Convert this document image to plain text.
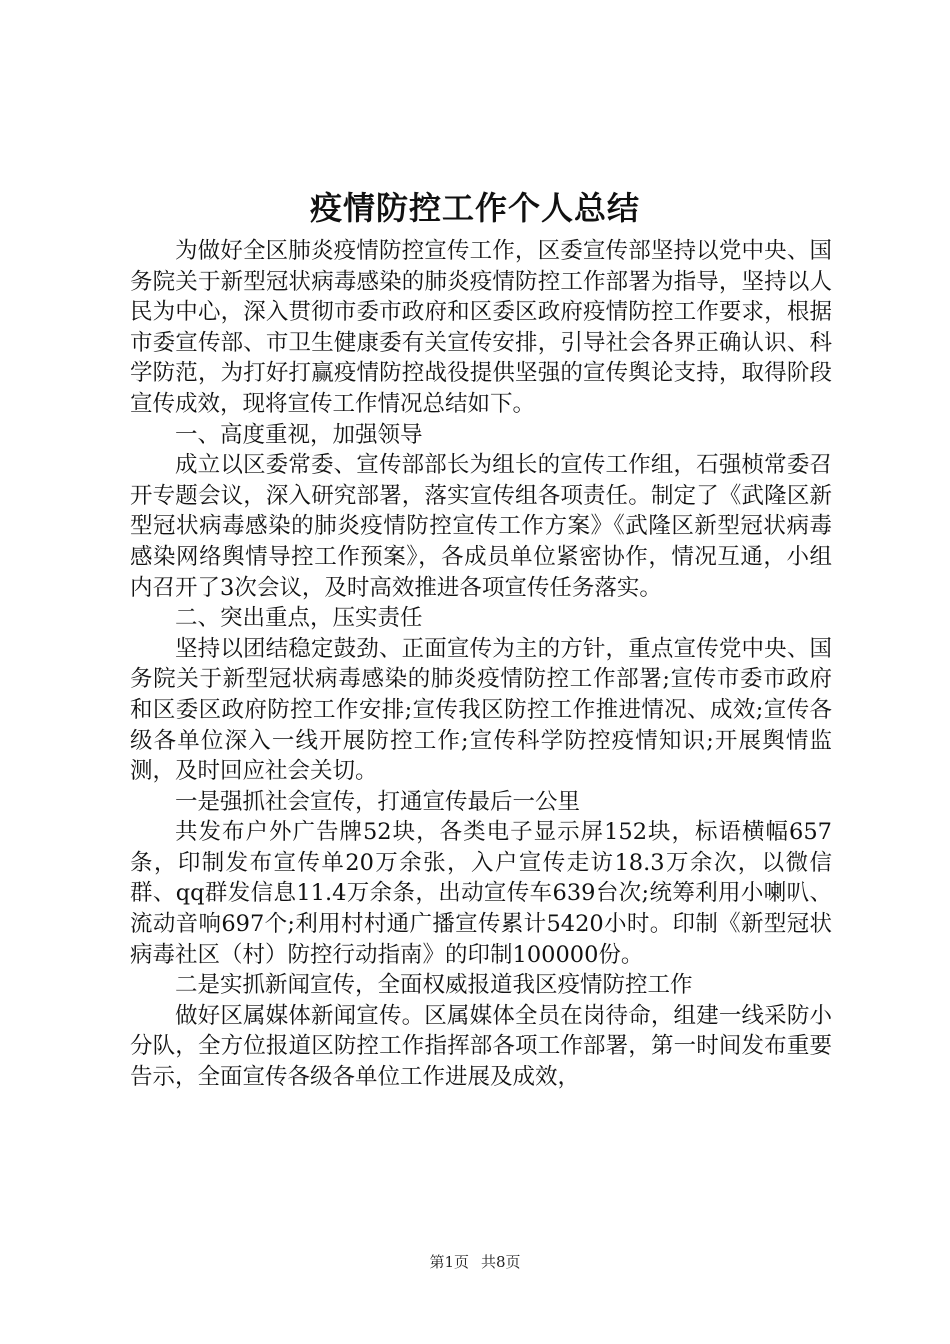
疫情防控工作个人总结

为做好全区肺炎疫情防控宣传工作，区委宣传部坚持以党中央、国务院关于新型冠状病毒感染的肺炎疫情防控工作部署为指导，坚持以人民为中心，深入贯彻市委市政府和区委区政府疫情防控工作要求，根据市委宣传部、市卫生健康委有关宣传安排，引导社会各界正确认识、科学防范，为打好打赢疫情防控战役提供坚强的宣传舆论支持，取得阶段宣传成效，现将宣传工作情况总结如下。

一、高度重视，加强领导

成立以区委常委、宣传部部长为组长的宣传工作组，石强桢常委召开专题会议，深入研究部署，落实宣传组各项责任。制定了《武隆区新型冠状病毒感染的肺炎疫情防控宣传工作方案》《武隆区新型冠状病毒感染网络舆情导控工作预案》，各成员单位紧密协作，情况互通，小组内召开了3次会议，及时高效推进各项宣传任务落实。

二、突出重点，压实责任

坚持以团结稳定鼓劲、正面宣传为主的方针，重点宣传党中央、国务院关于新型冠状病毒感染的肺炎疫情防控工作部署;宣传市委市政府和区委区政府防控工作安排;宣传我区防控工作推进情况、成效;宣传各级各单位深入一线开展防控工作;宣传科学防控疫情知识;开展舆情监测，及时回应社会关切。

一是强抓社会宣传，打通宣传最后一公里

共发布户外广告牌52块，各类电子显示屏152块，标语横幅657条，印制发布宣传单20万余张，入户宣传走访18.3万余次，以微信群、qq群发信息11.4万余条，出动宣传车639台次;统筹利用小喇叭、流动音响697个;利用村村通广播宣传累计5420小时。印制《新型冠状病毒社区（村）防控行动指南》的印制100000份。

二是实抓新闻宣传，全面权威报道我区疫情防控工作

做好区属媒体新闻宣传。区属媒体全员在岗待命，组建一线采防小分队，全方位报道区防控工作指挥部各项工作部署，第一时间发布重要告示，全面宣传各级各单位工作进展及成效，

第1页 共8页
